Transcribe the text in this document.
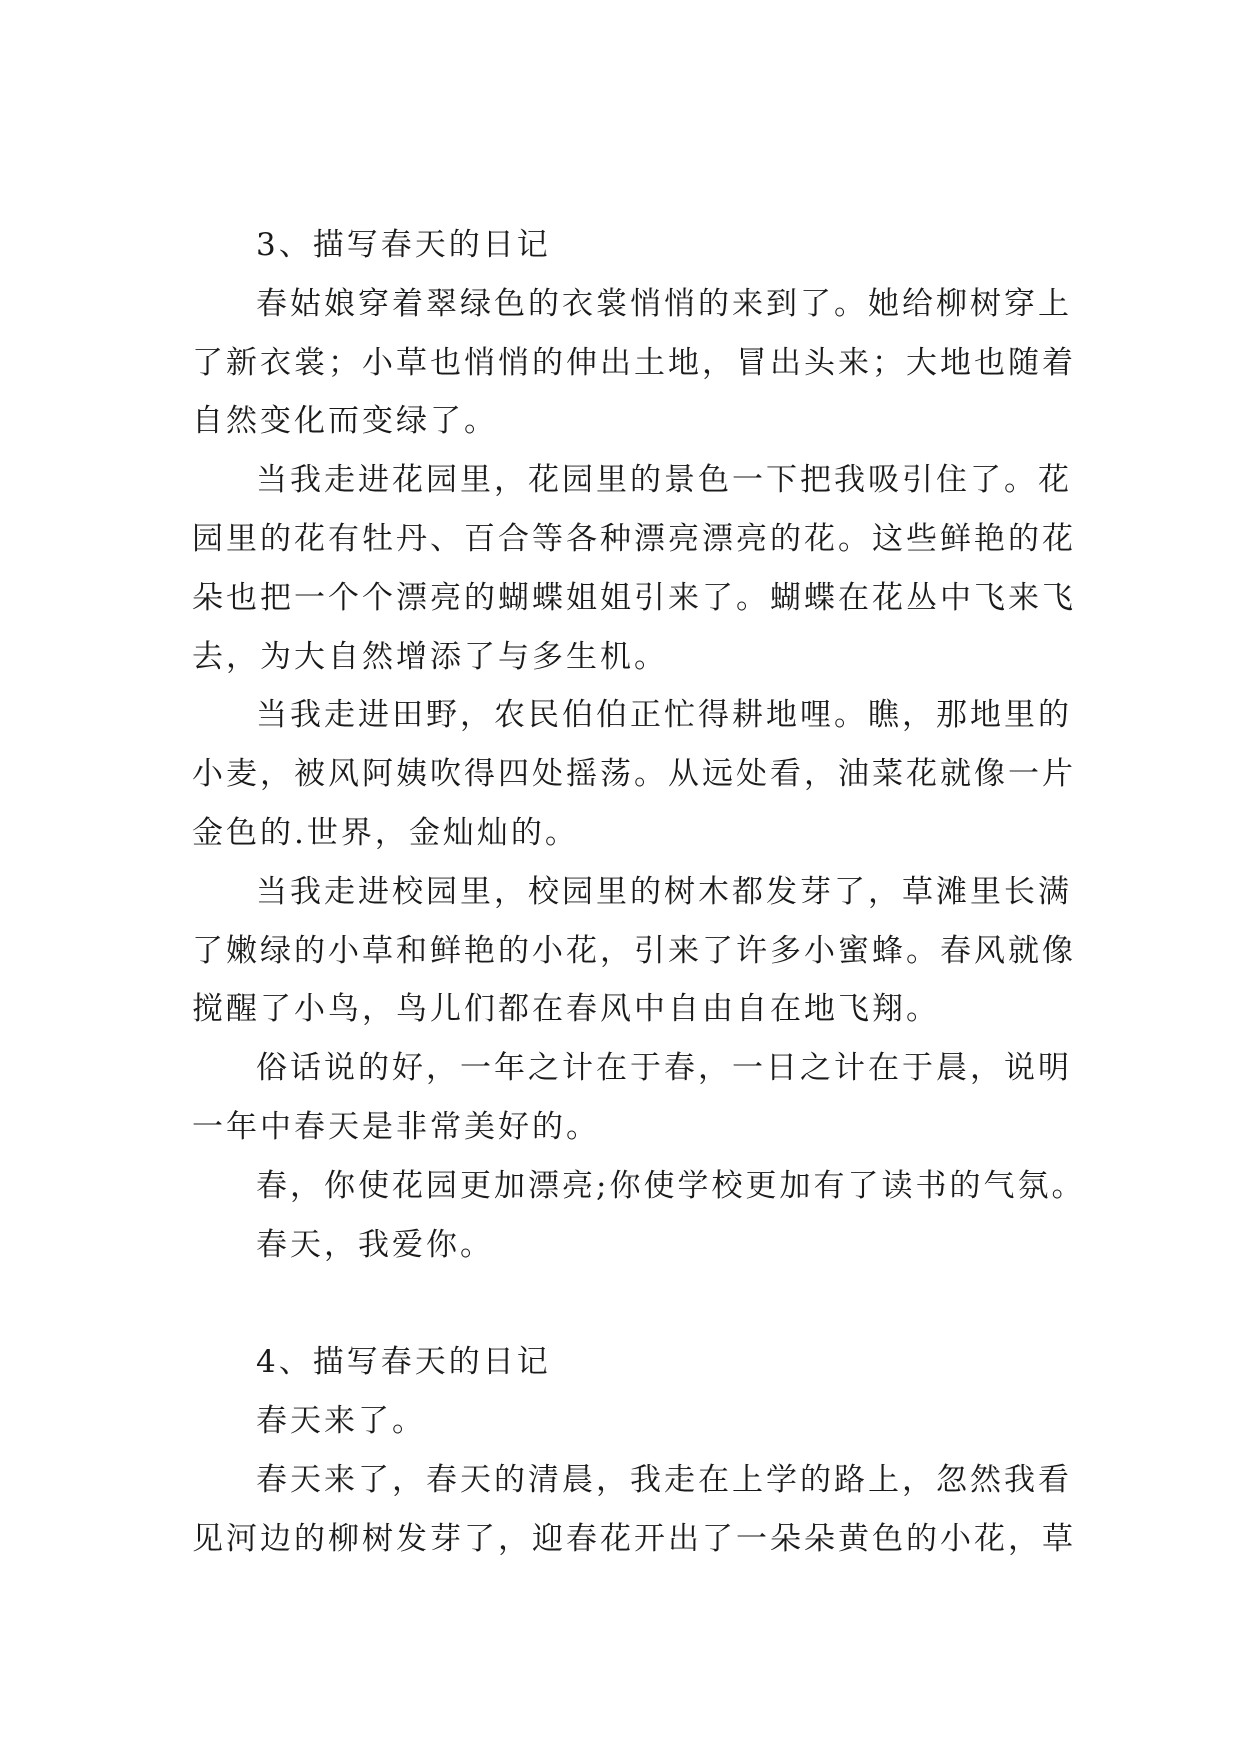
3、描写春天的日记
春姑娘穿着翠绿色的衣裳悄悄的来到了。她给柳树穿上
了新衣裳；小草也悄悄的伸出土地，冒出头来；大地也随着
自然变化而变绿了。
当我走进花园里，花园里的景色一下把我吸引住了。花
园里的花有牡丹、百合等各种漂亮漂亮的花。这些鲜艳的花
朵也把一个个漂亮的蝴蝶姐姐引来了。蝴蝶在花丛中飞来飞
去，为大自然增添了与多生机。
当我走进田野，农民伯伯正忙得耕地哩。瞧，那地里的
小麦，被风阿姨吹得四处摇荡。从远处看，油菜花就像一片
金色的.世界，金灿灿的。
当我走进校园里，校园里的树木都发芽了，草滩里长满
了嫩绿的小草和鲜艳的小花，引来了许多小蜜蜂。春风就像
搅醒了小鸟，鸟儿们都在春风中自由自在地飞翔。
俗话说的好，一年之计在于春，一日之计在于晨，说明
一年中春天是非常美好的。
春，你使花园更加漂亮;你使学校更加有了读书的气氛。
春天，我爱你。
4、描写春天的日记
春天来了。
春天来了，春天的清晨，我走在上学的路上，忽然我看
见河边的柳树发芽了，迎春花开出了一朵朵黄色的小花，草
